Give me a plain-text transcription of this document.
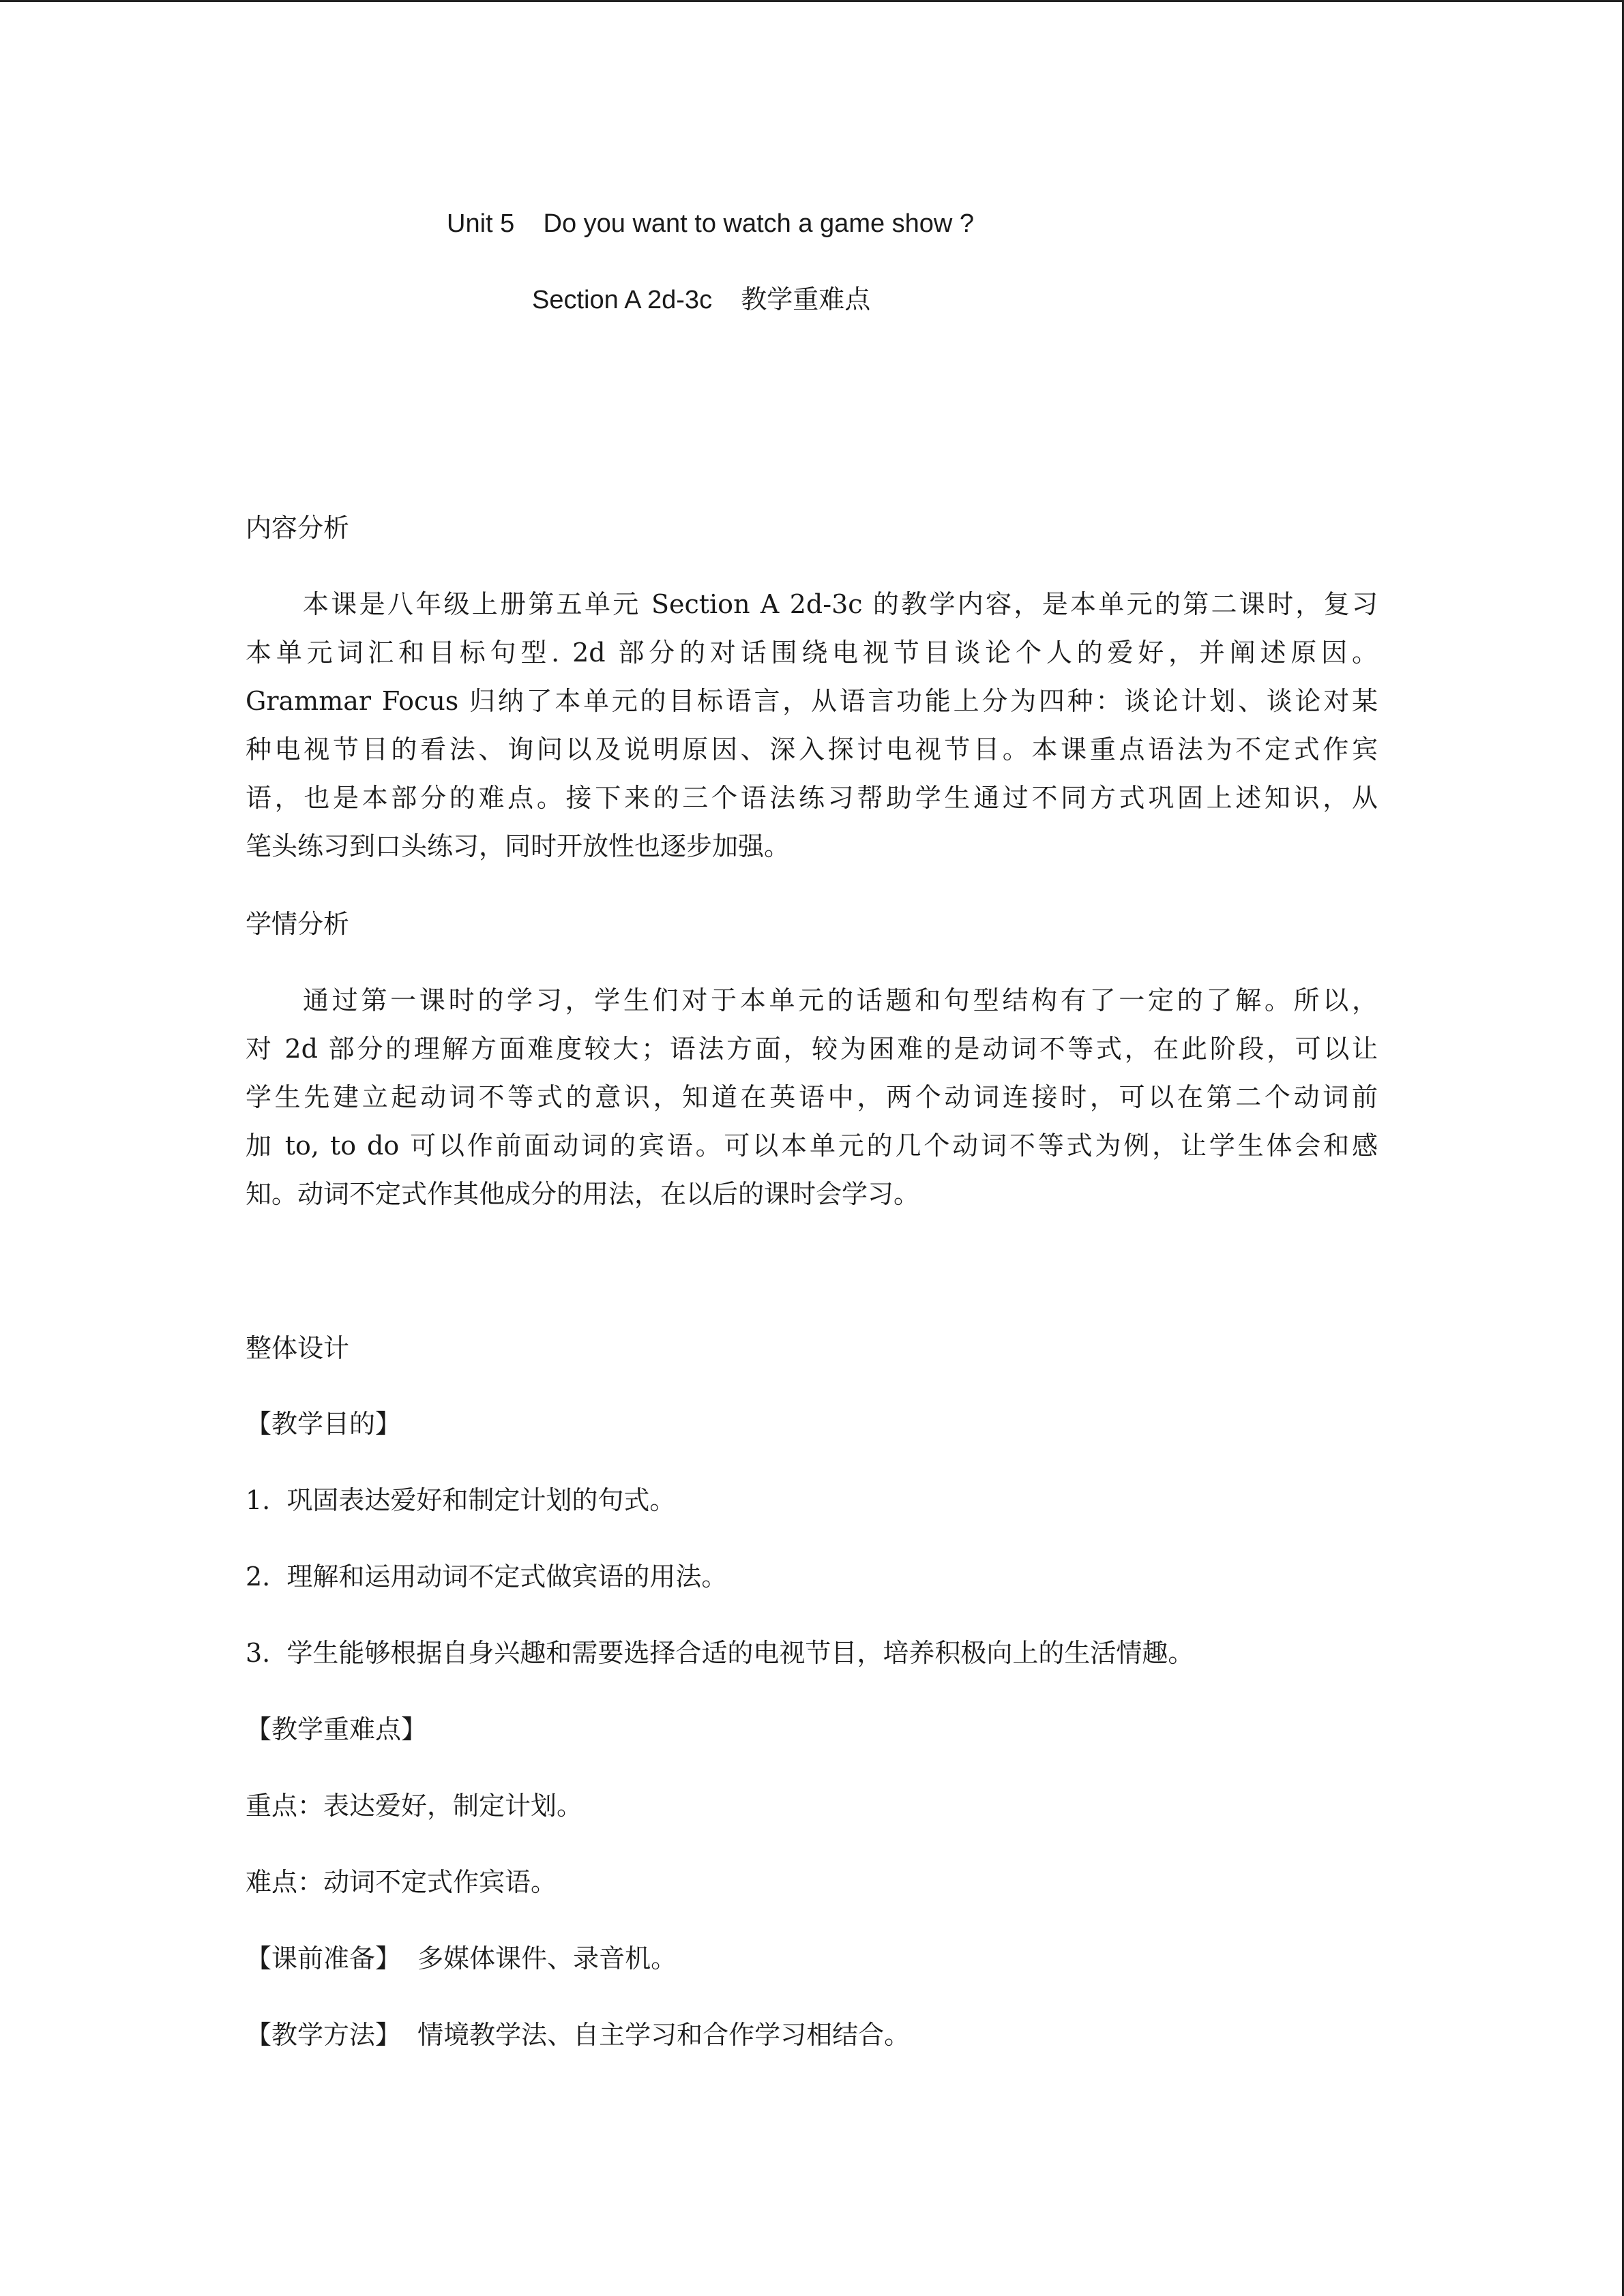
Unit 5    Do you want to watch a game show ?
Section A 2d-3c    教学重难点
内容分析
本课是八年级上册第五单元 Section A 2d-3c 的教学内容，是本单元的第二课时，复习
本单元词汇和目标句型. 2d 部分的对话围绕电视节目谈论个人的爱好，并阐述原因。
Grammar Focus 归纳了本单元的目标语言，从语言功能上分为四种：谈论计划、谈论对某
种电视节目的看法、询问以及说明原因、深入探讨电视节目。本课重点语法为不定式作宾
语，也是本部分的难点。接下来的三个语法练习帮助学生通过不同方式巩固上述知识，从
笔头练习到口头练习，同时开放性也逐步加强。
学情分析
通过第一课时的学习，学生们对于本单元的话题和句型结构有了一定的了解。所以，
对 2d 部分的理解方面难度较大；语法方面，较为困难的是动词不等式，在此阶段，可以让
学生先建立起动词不等式的意识，知道在英语中，两个动词连接时，可以在第二个动词前
加 to, to do 可以作前面动词的宾语。可以本单元的几个动词不等式为例，让学生体会和感
知。动词不定式作其他成分的用法，在以后的课时会学习。
整体设计
【教学目的】
1.  巩固表达爱好和制定计划的句式。
2.  理解和运用动词不定式做宾语的用法。
3.  学生能够根据自身兴趣和需要选择合适的电视节目，培养积极向上的生活情趣。
【教学重难点】
重点：表达爱好，制定计划。
难点：动词不定式作宾语。
【课前准备】  多媒体课件、录音机。
【教学方法】  情境教学法、自主学习和合作学习相结合。
